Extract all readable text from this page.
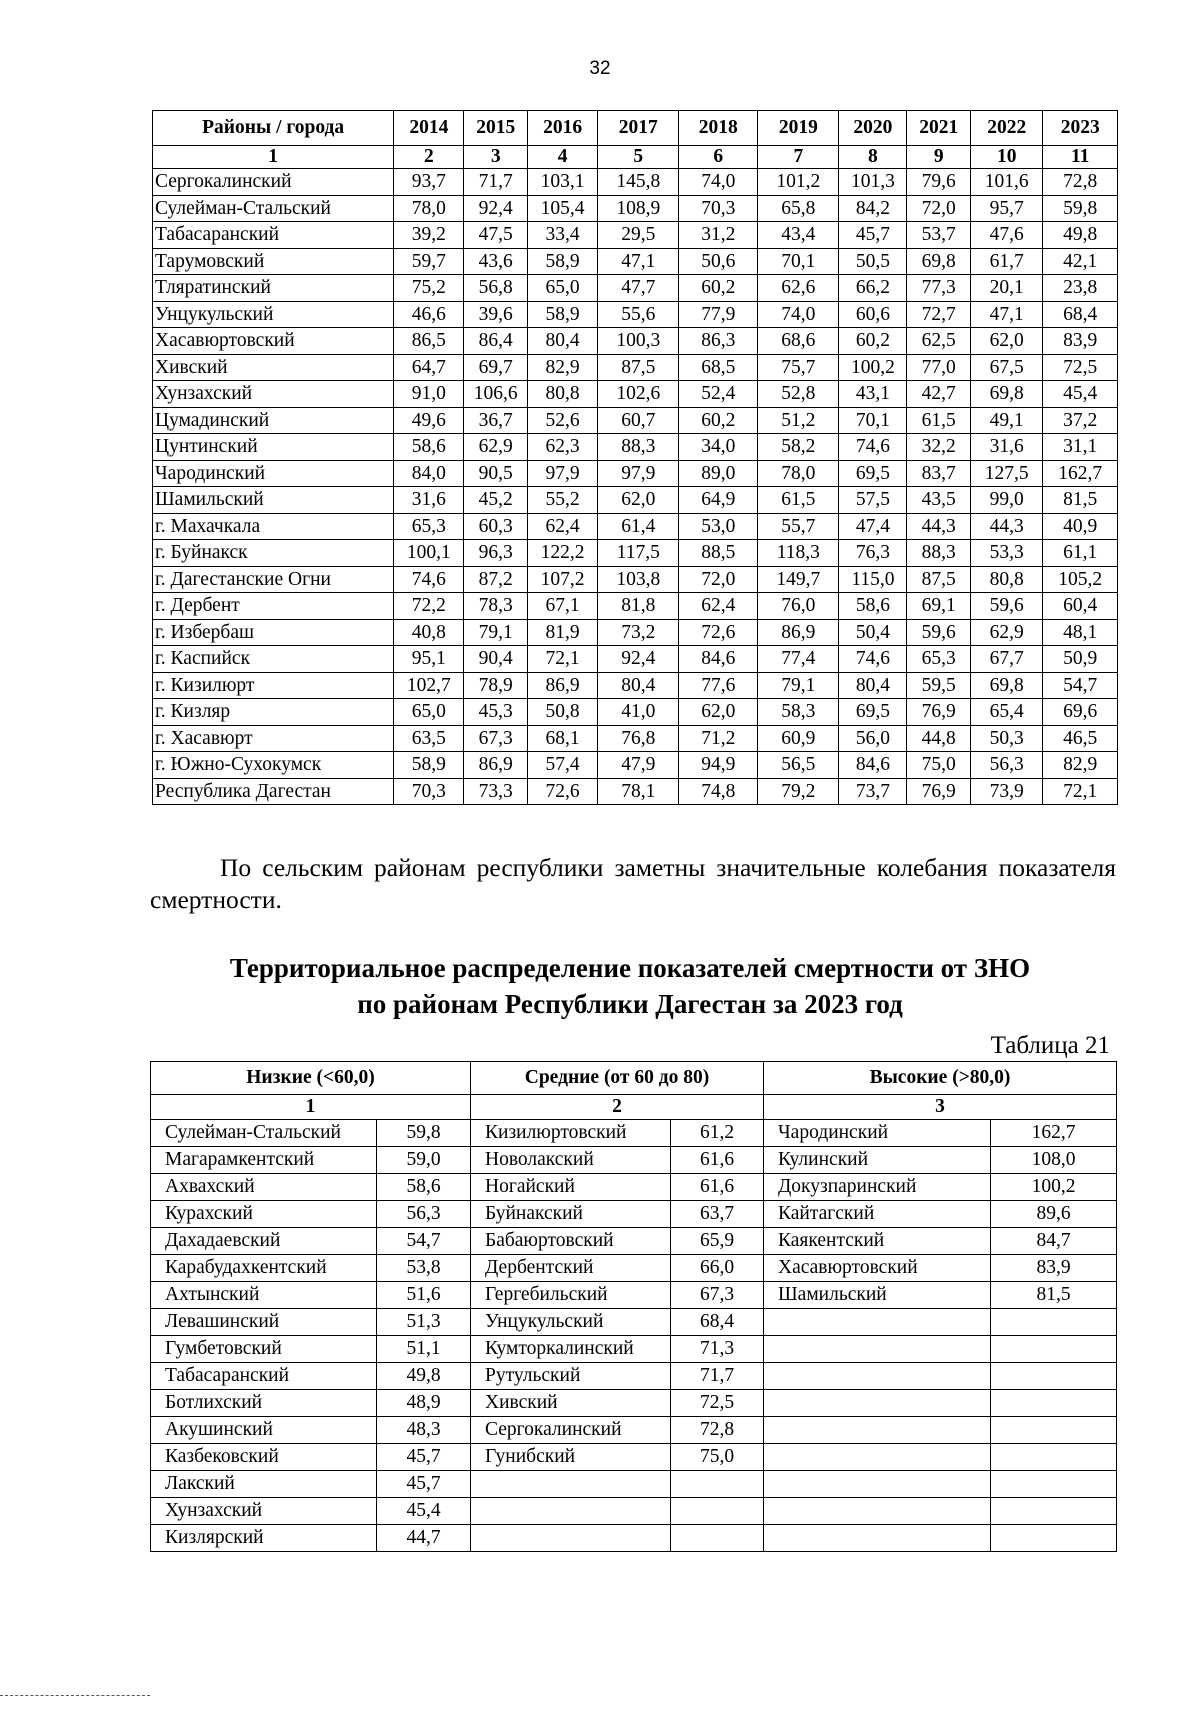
32
Районы / города	2014	2015	2016	2017	2018	2019	2020	2021	2022	2023
1	2	3	4	5	6	7	8	9	10	11
Сергокалинский	93,7	71,7	103,1	145,8	74,0	101,2	101,3	79,6	101,6	72,8
Сулейман-Стальский	78,0	92,4	105,4	108,9	70,3	65,8	84,2	72,0	95,7	59,8
Табасаранский	39,2	47,5	33,4	29,5	31,2	43,4	45,7	53,7	47,6	49,8
Тарумовский	59,7	43,6	58,9	47,1	50,6	70,1	50,5	69,8	61,7	42,1
Тляратинский	75,2	56,8	65,0	47,7	60,2	62,6	66,2	77,3	20,1	23,8
Унцукульский	46,6	39,6	58,9	55,6	77,9	74,0	60,6	72,7	47,1	68,4
Хасавюртовский	86,5	86,4	80,4	100,3	86,3	68,6	60,2	62,5	62,0	83,9
Хивский	64,7	69,7	82,9	87,5	68,5	75,7	100,2	77,0	67,5	72,5
Хунзахский	91,0	106,6	80,8	102,6	52,4	52,8	43,1	42,7	69,8	45,4
Цумадинский	49,6	36,7	52,6	60,7	60,2	51,2	70,1	61,5	49,1	37,2
Цунтинский	58,6	62,9	62,3	88,3	34,0	58,2	74,6	32,2	31,6	31,1
Чародинский	84,0	90,5	97,9	97,9	89,0	78,0	69,5	83,7	127,5	162,7
Шамильский	31,6	45,2	55,2	62,0	64,9	61,5	57,5	43,5	99,0	81,5
г. Махачкала	65,3	60,3	62,4	61,4	53,0	55,7	47,4	44,3	44,3	40,9
г. Буйнакск	100,1	96,3	122,2	117,5	88,5	118,3	76,3	88,3	53,3	61,1
г. Дагестанские Огни	74,6	87,2	107,2	103,8	72,0	149,7	115,0	87,5	80,8	105,2
г. Дербент	72,2	78,3	67,1	81,8	62,4	76,0	58,6	69,1	59,6	60,4
г. Избербаш	40,8	79,1	81,9	73,2	72,6	86,9	50,4	59,6	62,9	48,1
г. Каспийск	95,1	90,4	72,1	92,4	84,6	77,4	74,6	65,3	67,7	50,9
г. Кизилюрт	102,7	78,9	86,9	80,4	77,6	79,1	80,4	59,5	69,8	54,7
г. Кизляр	65,0	45,3	50,8	41,0	62,0	58,3	69,5	76,9	65,4	69,6
г. Хасавюрт	63,5	67,3	68,1	76,8	71,2	60,9	56,0	44,8	50,3	46,5
г. Южно-Сухокумск	58,9	86,9	57,4	47,9	94,9	56,5	84,6	75,0	56,3	82,9
Республика Дагестан	70,3	73,3	72,6	78,1	74,8	79,2	73,7	76,9	73,9	72,1
По сельским районам республики заметны значительные колебания показателя смертности.
Территориальное распределение показателей смертности от ЗНО
по районам Республики Дагестан за 2023 год
Таблица 21
Низкие (<60,0)		Средние (от 60 до 80)		Высокие (>80,0)	
1		2		3	
Сулейман-Стальский	59,8	Кизилюртовский	61,2	Чародинский	162,7
Магарамкентский	59,0	Новолакский	61,6	Кулинский	108,0
Ахвахский	58,6	Ногайский	61,6	Докузпаринский	100,2
Курахский	56,3	Буйнакский	63,7	Кайтагский	89,6
Дахадаевский	54,7	Бабаюртовский	65,9	Каякентский	84,7
Карабудахкентский	53,8	Дербентский	66,0	Хасавюртовский	83,9
Ахтынский	51,6	Гергебильский	67,3	Шамильский	81,5
Левашинский	51,3	Унцукульский	68,4		
Гумбетовский	51,1	Кумторкалинский	71,3		
Табасаранский	49,8	Рутульский	71,7		
Ботлихский	48,9	Хивский	72,5		
Акушинский	48,3	Сергокалинский	72,8		
Казбековский	45,7	Гунибский	75,0		
Лакский	45,7				
Хунзахский	45,4				
Кизлярский	44,7				
